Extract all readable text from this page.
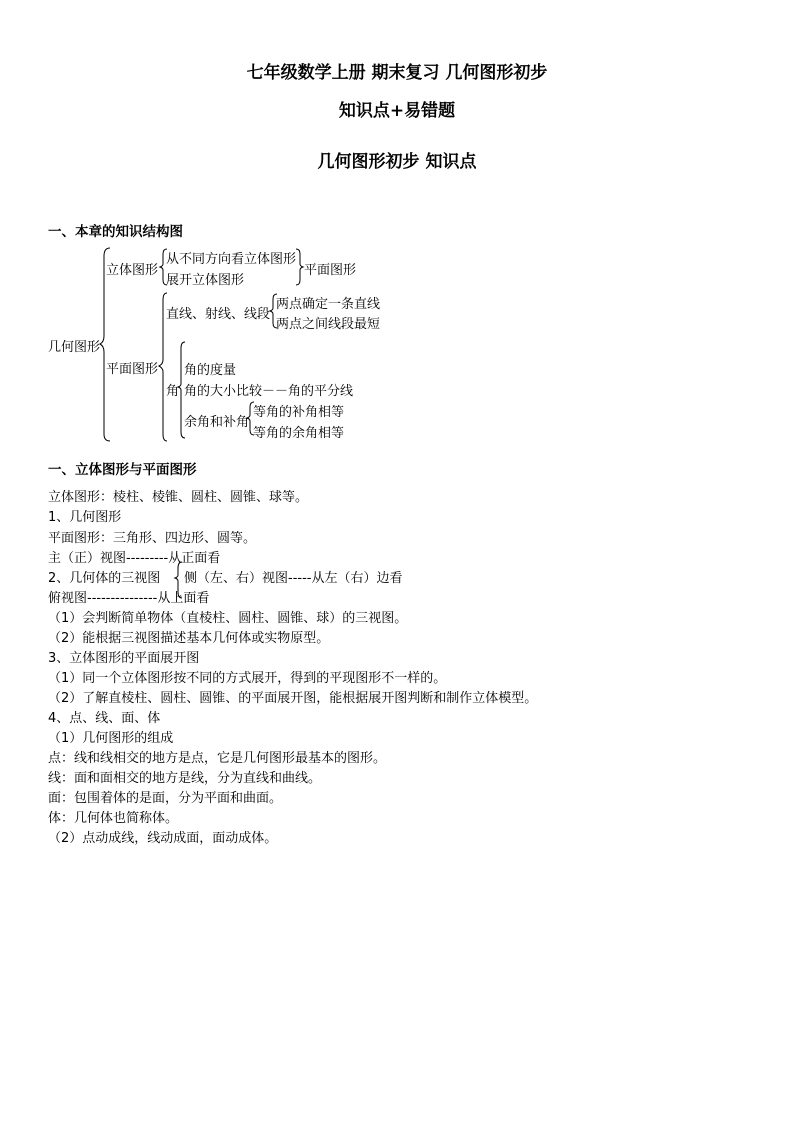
七年级数学上册 期末复习 几何图形初步
知识点+易错题
几何图形初步 知识点
一、本章的知识结构图
几何图形
立体图形
从不同方向看立体图形
展开立体图形
平面图形
平面图形
直线、射线、线段
两点确定一条直线
两点之间线段最短
角
角的度量
角的大小比较－－角的平分线
余角和补角
等角的补角相等
等角的余角相等
一、立体图形与平面图形
立体图形：棱柱、棱锥、圆柱、圆锥、球等。
1、几何图形
平面图形：三角形、四边形、圆等。
主（正）视图---------从正面看
2、几何体的三视图 侧（左、右）视图-----从左（右）边看
俯视图---------------从上面看
（1）会判断简单物体（直棱柱、圆柱、圆锥、球）的三视图。
（2）能根据三视图描述基本几何体或实物原型。
3、立体图形的平面展开图
（1）同一个立体图形按不同的方式展开，得到的平现图形不一样的。
（2）了解直棱柱、圆柱、圆锥、的平面展开图，能根据展开图判断和制作立体模型。
4、点、线、面、体
（1）几何图形的组成
点：线和线相交的地方是点，它是几何图形最基本的图形。
线：面和面相交的地方是线，分为直线和曲线。
面：包围着体的是面，分为平面和曲面。
体：几何体也简称体。
（2）点动成线，线动成面，面动成体。
